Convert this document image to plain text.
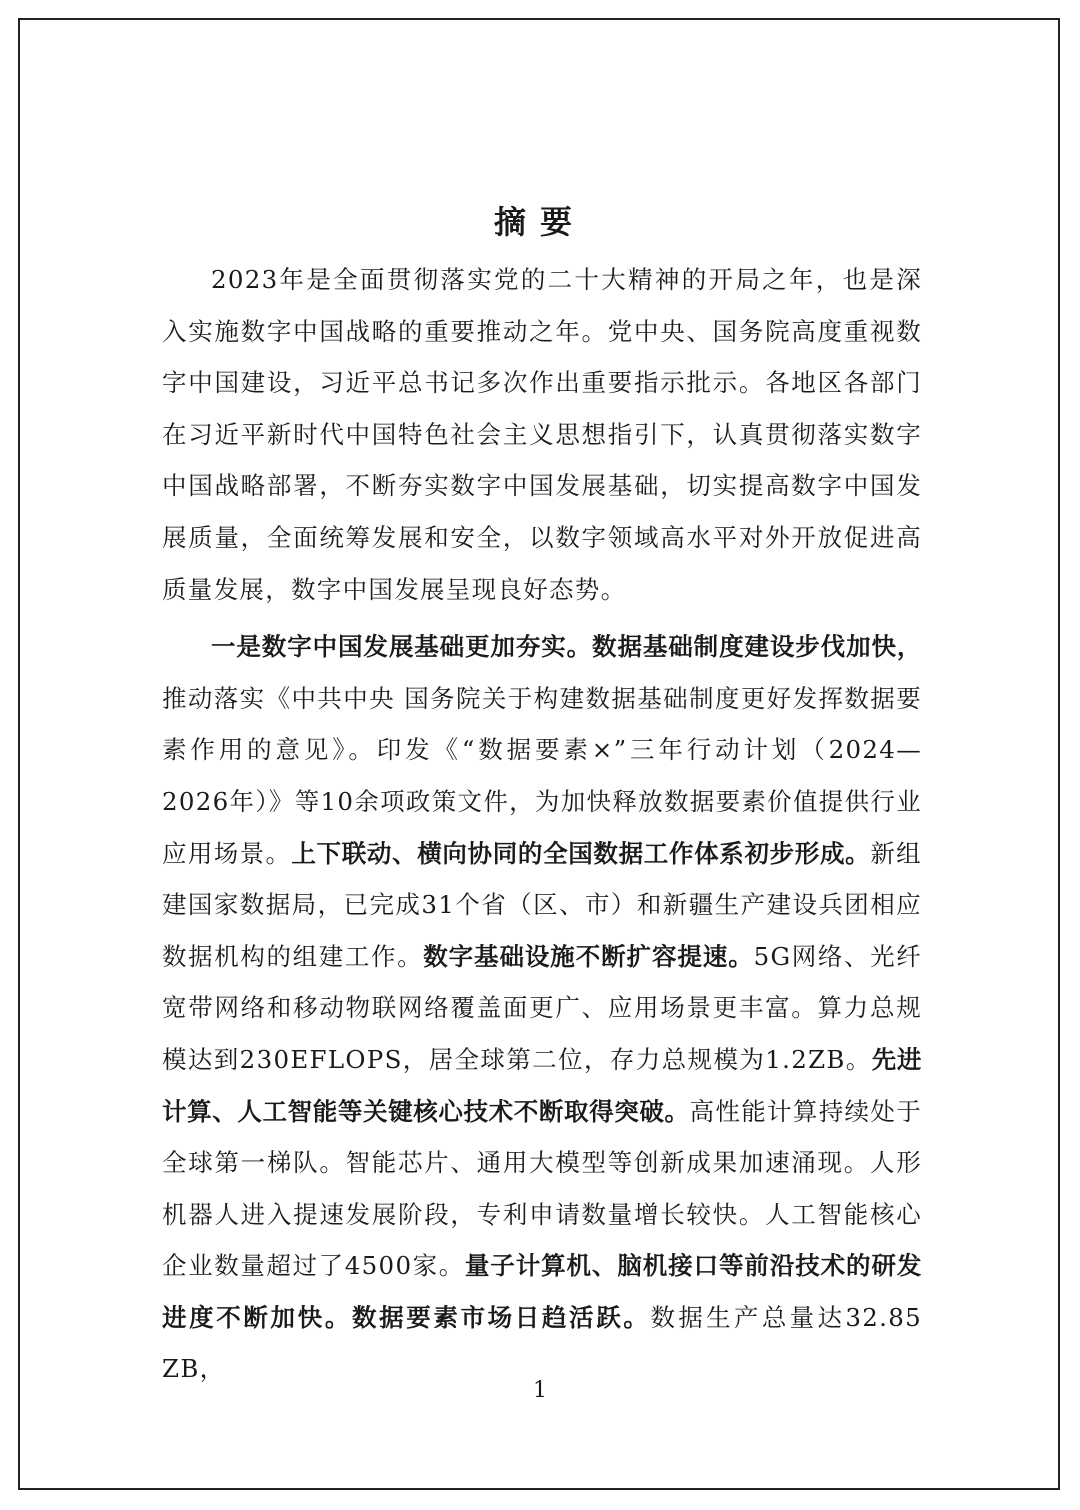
摘要

2023年是全面贯彻落实党的二十大精神的开局之年，也是深入实施数字中国战略的重要推动之年。党中央、国务院高度重视数字中国建设，习近平总书记多次作出重要指示批示。各地区各部门在习近平新时代中国特色社会主义思想指引下，认真贯彻落实数字中国战略部署，不断夯实数字中国发展基础，切实提高数字中国发展质量，全面统筹发展和安全，以数字领域高水平对外开放促进高质量发展，数字中国发展呈现良好态势。

一是数字中国发展基础更加夯实。数据基础制度建设步伐加快，推动落实《中共中央 国务院关于构建数据基础制度更好发挥数据要素作用的意见》。印发《“数据要素×”三年行动计划（2024—2026年）》等10余项政策文件，为加快释放数据要素价值提供行业应用场景。上下联动、横向协同的全国数据工作体系初步形成。新组建国家数据局，已完成31个省（区、市）和新疆生产建设兵团相应数据机构的组建工作。数字基础设施不断扩容提速。5G网络、光纤宽带网络和移动物联网络覆盖面更广、应用场景更丰富。算力总规模达到230EFLOPS，居全球第二位，存力总规模为1.2ZB。先进计算、人工智能等关键核心技术不断取得突破。高性能计算持续处于全球第一梯队。智能芯片、通用大模型等创新成果加速涌现。人形机器人进入提速发展阶段，专利申请数量增长较快。人工智能核心企业数量超过了4500家。量子计算机、脑机接口等前沿技术的研发进度不断加快。数据要素市场日趋活跃。数据生产总量达32.85 ZB，

1
